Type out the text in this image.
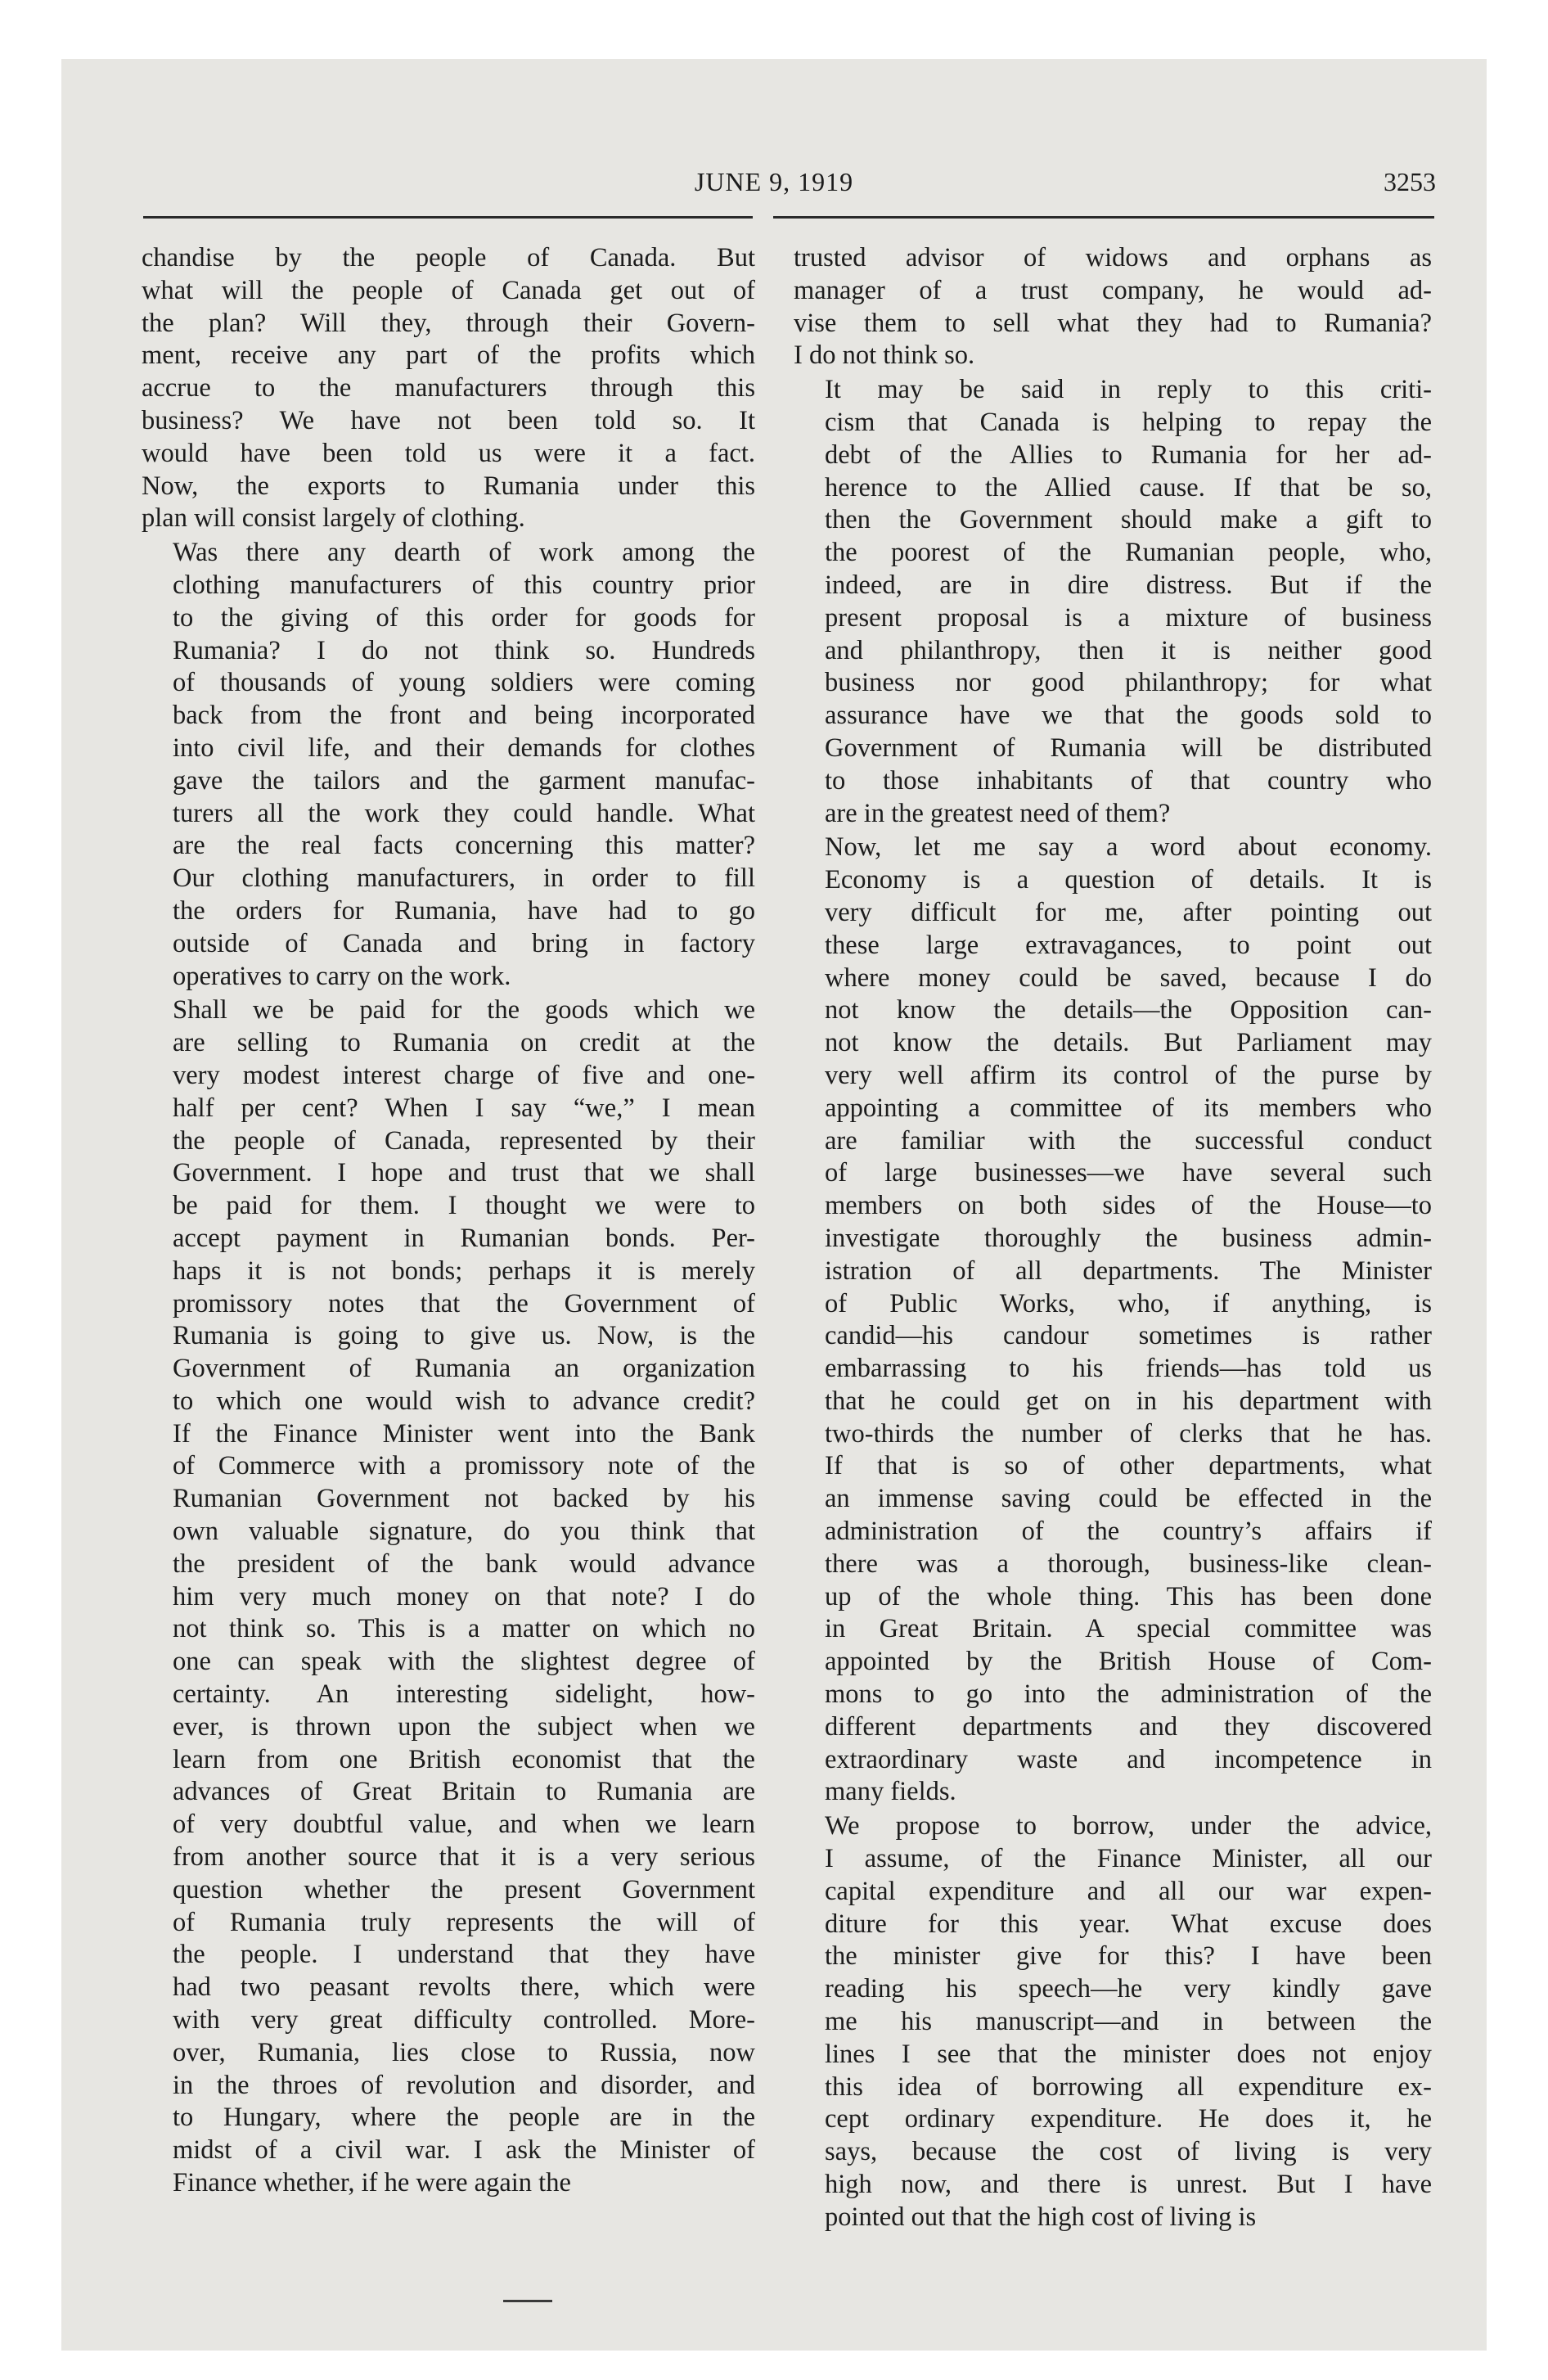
JUNE 9, 1919	3253

chandise by the people of Canada. But
what will the people of Canada get out of
the plan? Will they, through their Govern-
ment, receive any part of the profits which
accrue to the manufacturers through this
business? We have not been told so. It
would have been told us were it a fact.
Now, the exports to Rumania under this
plan will consist largely of clothing.

Was there any dearth of work among the
clothing manufacturers of this country prior
to the giving of this order for goods for
Rumania? I do not think so. Hundreds
of thousands of young soldiers were coming
back from the front and being incorporated
into civil life, and their demands for clothes
gave the tailors and the garment manufac-
turers all the work they could handle. What
are the real facts concerning this matter?
Our clothing manufacturers, in order to fill
the orders for Rumania, have had to go
outside of Canada and bring in factory
operatives to carry on the work.

Shall we be paid for the goods which we
are selling to Rumania on credit at the
very modest interest charge of five and one-
half per cent? When I say “we,” I mean
the people of Canada, represented by their
Government. I hope and trust that we shall
be paid for them. I thought we were to
accept payment in Rumanian bonds. Per-
haps it is not bonds; perhaps it is merely
promissory notes that the Government of
Rumania is going to give us. Now, is the
Government of Rumania an organization
to which one would wish to advance credit?
If the Finance Minister went into the Bank
of Commerce with a promissory note of the
Rumanian Government not backed by his
own valuable signature, do you think that
the president of the bank would advance
him very much money on that note? I do
not think so. This is a matter on which no
one can speak with the slightest degree of
certainty. An interesting sidelight, how-
ever, is thrown upon the subject when we
learn from one British economist that the
advances of Great Britain to Rumania are
of very doubtful value, and when we learn
from another source that it is a very serious
question whether the present Government
of Rumania truly represents the will of
the people. I understand that they have
had two peasant revolts there, which were
with very great difficulty controlled. More-
over, Rumania, lies close to Russia, now
in the throes of revolution and disorder, and
to Hungary, where the people are in the
midst of a civil war. I ask the Minister of
Finance whether, if he were again the

trusted advisor of widows and orphans as
manager of a trust company, he would ad-
vise them to sell what they had to Rumania?
I do not think so.

It may be said in reply to this criti-
cism that Canada is helping to repay the
debt of the Allies to Rumania for her ad-
herence to the Allied cause. If that be so,
then the Government should make a gift to
the poorest of the Rumanian people, who,
indeed, are in dire distress. But if the
present proposal is a mixture of business
and philanthropy, then it is neither good
business nor good philanthropy; for what
assurance have we that the goods sold to
Government of Rumania will be distributed
to those inhabitants of that country who
are in the greatest need of them?

Now, let me say a word about economy.
Economy is a question of details. It is
very difficult for me, after pointing out
these large extravagances, to point out
where money could be saved, because I do
not know the details—the Opposition can-
not know the details. But Parliament may
very well affirm its control of the purse by
appointing a committee of its members who
are familiar with the successful conduct
of large businesses—we have several such
members on both sides of the House—to
investigate thoroughly the business admin-
istration of all departments. The Minister
of Public Works, who, if anything, is
candid—his candour sometimes is rather
embarrassing to his friends—has told us
that he could get on in his department with
two-thirds the number of clerks that he has.
If that is so of other departments, what
an immense saving could be effected in the
administration of the country’s affairs if
there was a thorough, business-like clean-
up of the whole thing. This has been done
in Great Britain. A special committee was
appointed by the British House of Com-
mons to go into the administration of the
different departments and they discovered
extraordinary waste and incompetence in
many fields.

We propose to borrow, under the advice,
I assume, of the Finance Minister, all our
capital expenditure and all our war expen-
diture for this year. What excuse does
the minister give for this? I have been
reading his speech—he very kindly gave
me his manuscript—and in between the
lines I see that the minister does not enjoy
this idea of borrowing all expenditure ex-
cept ordinary expenditure. He does it, he
says, because the cost of living is very
high now, and there is unrest. But I have
pointed out that the high cost of living is
